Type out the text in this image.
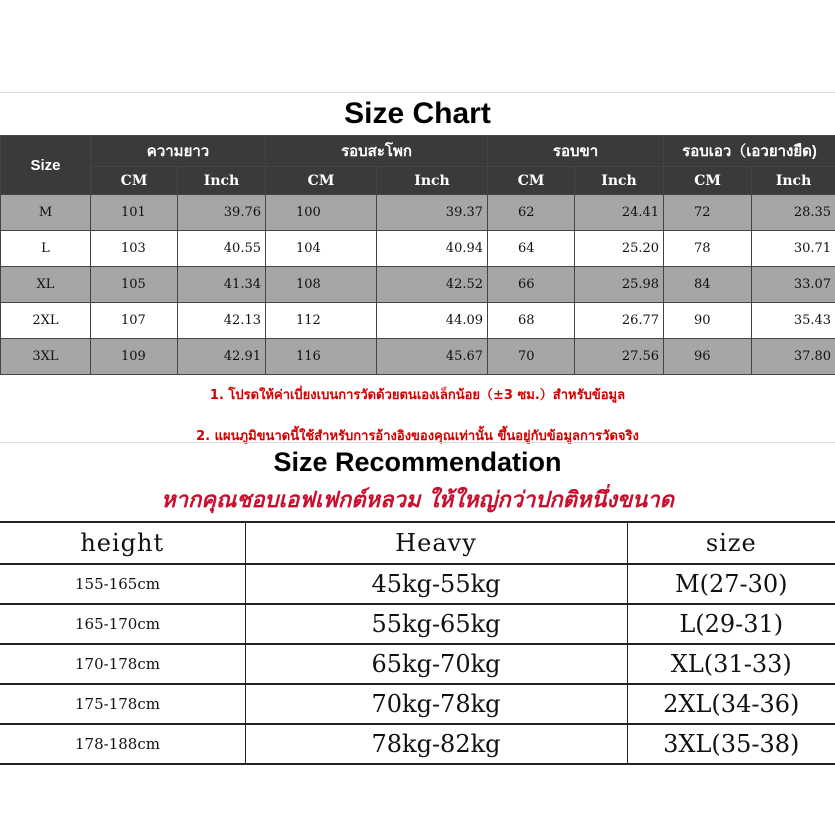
Size Chart
Size	ความยาว		รอบสะโพก		รอบขา		รอบเอว（เอวยางยืด)	
	CM	Inch	CM	Inch	CM	Inch	CM	Inch
M	101	39.76	100	39.37	62	24.41	72	28.35
L	103	40.55	104	40.94	64	25.20	78	30.71
XL	105	41.34	108	42.52	66	25.98	84	33.07
2XL	107	42.13	112	44.09	68	26.77	90	35.43
3XL	109	42.91	116	45.67	70	27.56	96	37.80
1. โปรดให้ค่าเบี่ยงเบนการวัดด้วยตนเองเล็กน้อย（±3 ซม.）สำหรับข้อมูล
2. แผนภูมิขนาดนี้ใช้สำหรับการอ้างอิงของคุณเท่านั้น ขึ้นอยู่กับข้อมูลการวัดจริง
Size Recommendation
หากคุณชอบเอฟเฟกต์หลวม ให้ใหญ่กว่าปกติหนึ่งขนาด
height	Heavy	size
155-165cm	45kg-55kg	M(27-30)
165-170cm	55kg-65kg	L(29-31)
170-178cm	65kg-70kg	XL(31-33)
175-178cm	70kg-78kg	2XL(34-36)
178-188cm	78kg-82kg	3XL(35-38)
